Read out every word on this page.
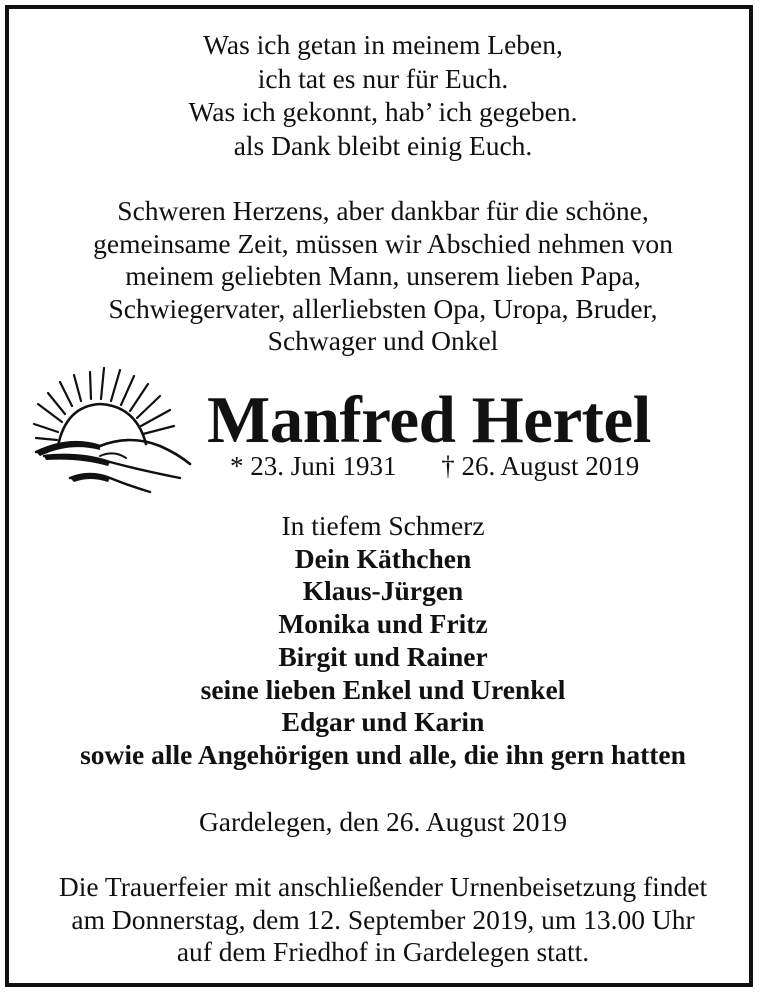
Was ich getan in meinem Leben,
ich tat es nur für Euch.
Was ich gekonnt, hab’ ich gegeben.
als Dank bleibt einig Euch.
Schweren Herzens, aber dankbar für die schöne,
gemeinsame Zeit, müssen wir Abschied nehmen von
meinem geliebten Mann, unserem lieben Papa,
Schwiegervater, allerliebsten Opa, Uropa, Bruder,
Schwager und Onkel
Manfred Hertel
* 23. Juni 1931 † 26. August 2019
In tiefem Schmerz
Dein Käthchen
Klaus-Jürgen
Monika und Fritz
Birgit und Rainer
seine lieben Enkel und Urenkel
Edgar und Karin
sowie alle Angehörigen und alle, die ihn gern hatten
Gardelegen, den 26. August 2019
Die Trauerfeier mit anschließender Urnenbeisetzung findet
am Donnerstag, dem 12. September 2019, um 13.00 Uhr
auf dem Friedhof in Gardelegen statt.
